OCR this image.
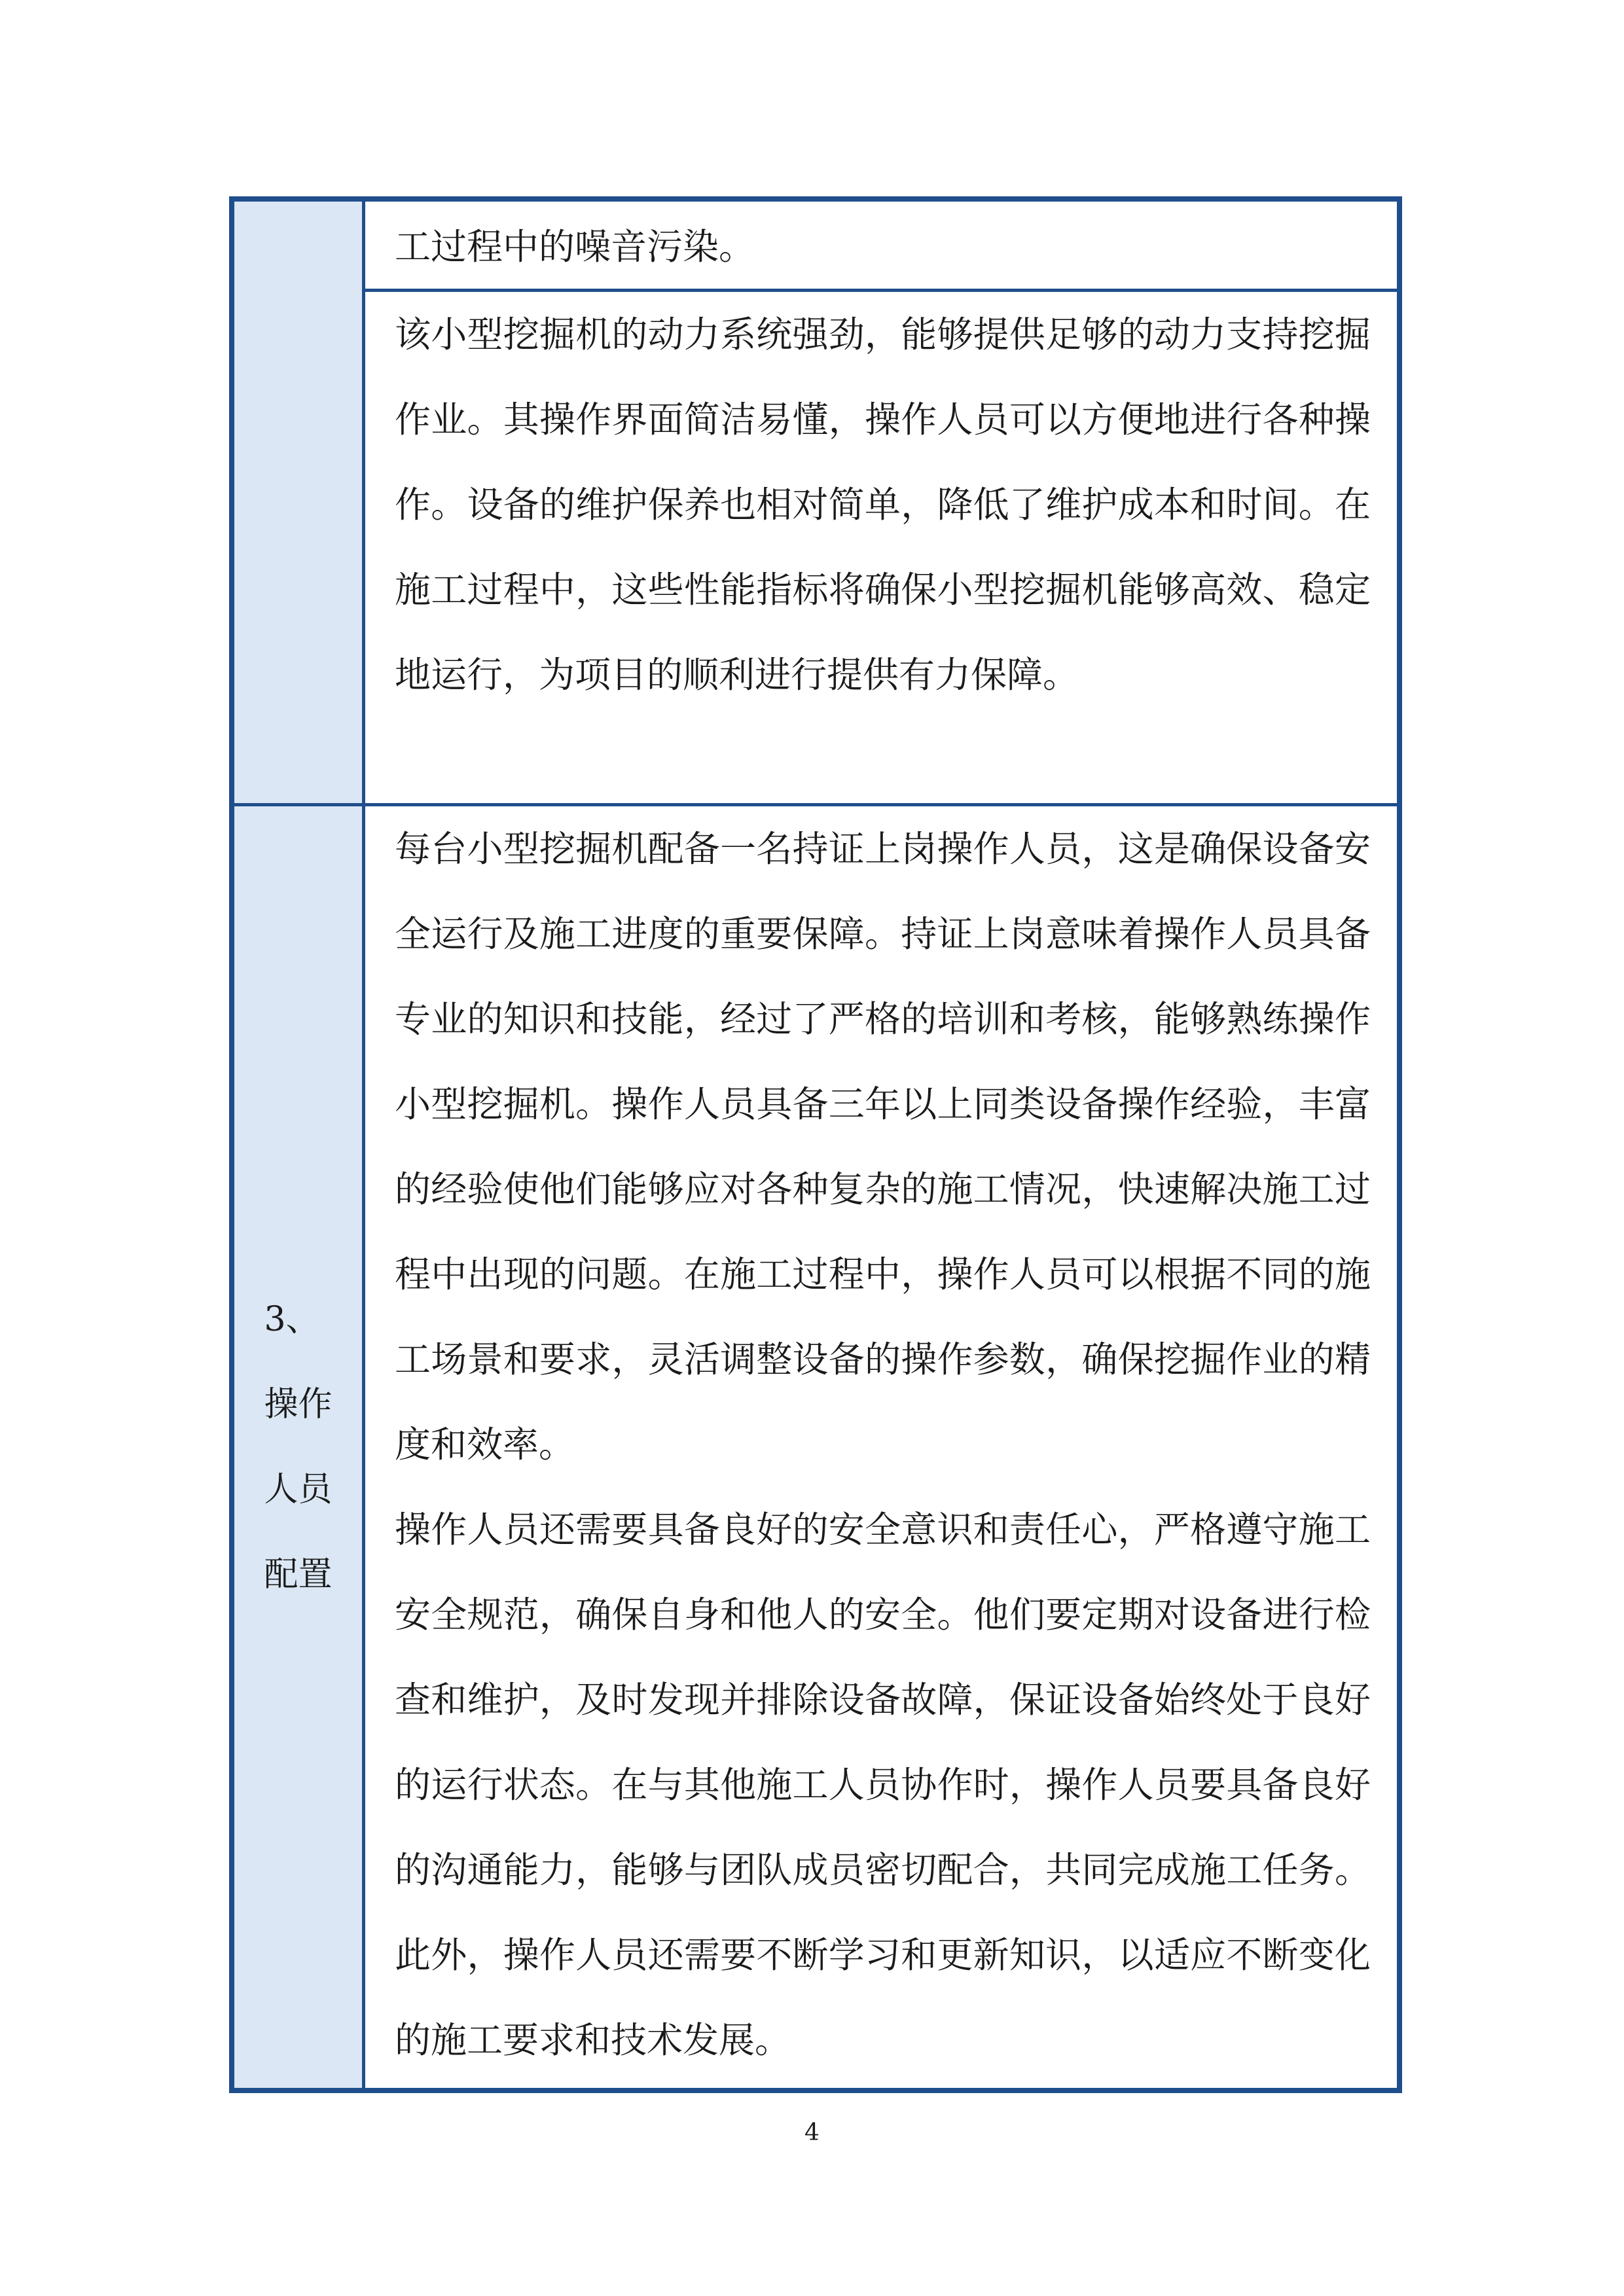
工过程中的噪音污染。

该小型挖掘机的动力系统强劲，能够提供足够的动力支持挖掘作业。其操作界面简洁易懂，操作人员可以方便地进行各种操作。设备的维护保养也相对简单，降低了维护成本和时间。在施工过程中，这些性能指标将确保小型挖掘机能够高效、稳定地运行，为项目的顺利进行提供有力保障。

3、操作人员配置

每台小型挖掘机配备一名持证上岗操作人员，这是确保设备安全运行及施工进度的重要保障。持证上岗意味着操作人员具备专业的知识和技能，经过了严格的培训和考核，能够熟练操作小型挖掘机。操作人员具备三年以上同类设备操作经验，丰富的经验使他们能够应对各种复杂的施工情况，快速解决施工过程中出现的问题。在施工过程中，操作人员可以根据不同的施工场景和要求，灵活调整设备的操作参数，确保挖掘作业的精度和效率。

操作人员还需要具备良好的安全意识和责任心，严格遵守施工安全规范，确保自身和他人的安全。他们要定期对设备进行检查和维护，及时发现并排除设备故障，保证设备始终处于良好的运行状态。在与其他施工人员协作时，操作人员要具备良好的沟通能力，能够与团队成员密切配合，共同完成施工任务。此外，操作人员还需要不断学习和更新知识，以适应不断变化的施工要求和技术发展。

4
